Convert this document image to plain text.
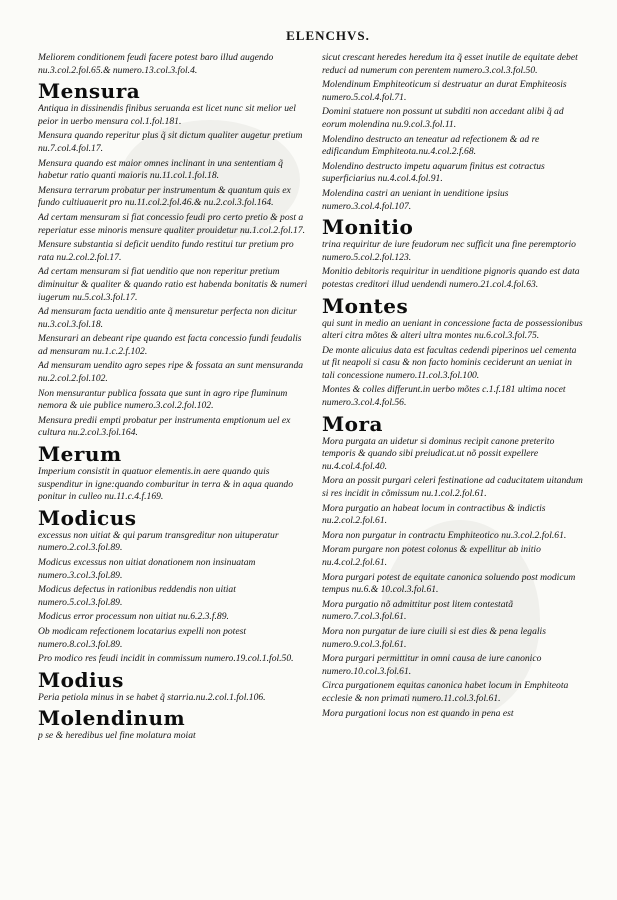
ELENCHVS.
Meliorem conditionem feudi facere potest baro illud augendo nu.3.col.2.fol.65.& numero.13.col.3.fol.4.
Mensura
Antiqua in dissinendis finibus seruanda est licet nunc sit melior uel peior in uerbo mensura col.1.fol.181.
Mensura quando reperitur plus q̃ sit dictum qualiter augetur pretium nu.7.col.4.fol.17.
Mensura quando est maior omnes inclinant in una sententiam q̃ habetur ratio quanti maioris nu.11.col.1.fol.18.
Mensura terrarum probatur per instrumentum & quantum quis ex fundo cultiuauerit pro nu.11.col.2.fol.46.& nu.2.col.3.fol.164.
Ad certam mensuram si fiat concessio feudi pro certo pretio & post a reperiatur esse minoris mensure qualiter prouidetur nu.1.col.2.fol.17.
Mensure substantia si deficit uendito fundo restitui tur pretium pro rata nu.2.col.2.fol.17.
Ad certam mensuram si fiat uenditio que non reperitur pretium diminuitur & qualiter & quando ratio est habenda bonitatis & numeri iugerum nu.5.col.3.fol.17.
Ad mensuram facta uenditio ante q̃ mensuretur perfecta non dicitur nu.3.col.3.fol.18.
Mensurari an debeant ripe quando est facta concessio fundi feudalis ad mensuram nu.1.c.2.f.102.
Ad mensuram uendito agro sepes ripe & fossata an sunt mensuranda nu.2.col.2.fol.102.
Non mensurantur publica fossata que sunt in agro ripe fluminum nemora & uie publice numero.3.col.2.fol.102.
Mensura predii empti probatur per instrumenta emptionum uel ex cultura nu.2.col.3.fol.164.
Merum
Imperium consistit in quatuor elementis.in aere quando quis suspenditur in igne:quando comburitur in terra & in aqua quando ponitur in culleo nu.11.c.4.f.169.
Modicus
excessus non uitiat & qui parum transgreditur non uituperatur numero.2.col.3.fol.89.
Modicus excessus non uitiat donationem non insinuatam numero.3.col.3.fol.89.
Modicus defectus in rationibus reddendis non uitiat numero.5.col.3.fol.89.
Modicus error processum non uitiat nu.6.2.3.f.89.
Ob modicam refectionem locatarius expelli non potest numero.8.col.3.fol.89.
Pro modico res feudi incidit in commissum numero.19.col.1.fol.50.
Modius
Peria petiola minus in se habet q̃ starria.nu.2.col.1.fol.106.
Molendinum
p se & heredibus uel fine molatura moiat
sicut crescant heredes heredum ita q̃ esset inutile de equitate debet reduci ad numerum con perentem numero.3.col.3.fol.50.
Molendinum Emphiteoticum si destruatur an durat Emphiteosis numero.5.col.4.fol.71.
Domini statuere non possunt ut subditi non accedant alibi q̃ ad eorum molendina nu.9.col.3.fol.11.
Molendino destructo an teneatur ad refectionem & ad re edificandum Emphiteota.nu.4.col.2.f.68.
Molendino destructo impetu aquarum finitus est cotractus superficiarius nu.4.col.4.fol.91.
Molendina castri an ueniant in uenditione ipsius numero.3.col.4.fol.107.
Monitio
trina requiritur de iure feudorum nec sufficit una fine peremptorio numero.5.col.2.fol.123.
Monitio debitoris requiritur in uenditione pignoris quando est data potestas creditori illud uendendi numero.21.col.4.fol.63.
Montes
qui sunt in medio an ueniant in concessione facta de possessionibus alteri citra mõtes & alteri ultra montes nu.6.col.3.fol.75.
De monte alicuius data est facultas cedendi piperinos uel cementa ut fit neapoli si casu & non facto hominis ceciderunt an ueniat in tali concessione numero.11.col.3.fol.100.
Montes & colles differunt.in uerbo mõtes c.1.f.181 ultima nocet numero.3.col.4.fol.56.
Mora
Mora purgata an uidetur si dominus recipit canone preterito temporis & quando sibi preiudicat.ut nõ possit expellere nu.4.col.4.fol.40.
Mora an possit purgari celeri festinatione ad caducitatem uitandum si res incidit in cõmissum nu.1.col.2.fol.61.
Mora purgatio an habeat locum in contractibus & indictis nu.2.col.2.fol.61.
Mora non purgatur in contractu Emphiteotico nu.3.col.2.fol.61.
Moram purgare non potest colonus & expellitur ab initio nu.4.col.2.fol.61.
Mora purgari potest de equitate canonica soluendo post modicum tempus nu.6.& 10.col.3.fol.61.
Mora purgatio nõ admittitur post litem contestatã numero.7.col.3.fol.61.
Mora non purgatur de iure ciuili si est dies & pena legalis numero.9.col.3.fol.61.
Mora purgari permittitur in omni causa de iure canonico numero.10.col.3.fol.61.
Circa purgationem equitas canonica habet locum in Emphiteota ecclesie & non primati numero.11.col.3.fol.61.
Mora purgationi locus non est quando in pena est
